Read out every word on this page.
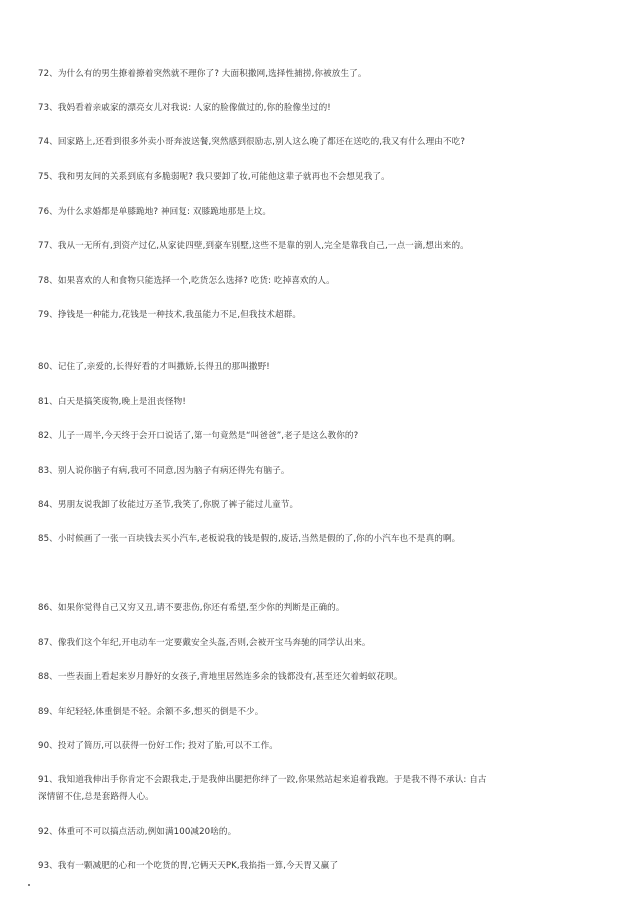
72、为什么有的男生撩着撩着突然就不理你了? 大面积撒网,选择性捕捞,你被放生了。
73、我妈看着亲戚家的漂亮女儿对我说: 人家的脸像做过的,你的脸像坐过的!
74、回家路上,还看到很多外卖小哥奔波送餐,突然感到很励志,别人这么晚了都还在送吃的,我又有什么理由不吃?
75、我和男友间的关系到底有多脆弱呢? 我只要卸了妆,可能他这辈子就再也不会想见我了。
76、为什么求婚都是单膝跪地? 神回复: 双膝跪地那是上坟。
77、我从一无所有,到资产过亿,从家徒四壁,到豪车别墅,这些不是靠的别人,完全是靠我自己,一点一滴,想出来的。
78、如果喜欢的人和食物只能选择一个,吃货怎么选择? 吃货: 吃掉喜欢的人。
79、挣钱是一种能力,花钱是一种技术,我虽能力不足,但我技术超群。
80、记住了,亲爱的,长得好看的才叫撒娇,长得丑的那叫撒野!
81、白天是搞笑废物,晚上是沮丧怪物!
82、儿子一周半,今天终于会开口说话了,第一句竟然是“叫爸爸”,老子是这么教你的?
83、别人说你脑子有病,我可不同意,因为脑子有病还得先有脑子。
84、男朋友说我卸了妆能过万圣节,我笑了,你脱了裤子能过儿童节。
85、小时候画了一张一百块钱去买小汽车,老板说我的钱是假的,废话,当然是假的了,你的小汽车也不是真的啊。
86、如果你觉得自己又穷又丑,请不要悲伤,你还有希望,至少你的判断是正确的。
87、像我们这个年纪,开电动车一定要戴安全头盔,否则,会被开宝马奔驰的同学认出来。
88、一些表面上看起来岁月静好的女孩子,背地里居然连多余的钱都没有,甚至还欠着蚂蚁花呗。
89、年纪轻轻,体重倒是不轻。余额不多,想买的倒是不少。
90、投对了简历,可以获得一份好工作; 投对了胎,可以不工作。
91、我知道我伸出手你肯定不会跟我走,于是我伸出腿把你绊了一跤,你果然站起来追着我跑。于是我不得不承认: 自古深情留不住,总是套路得人心。
92、体重可不可以搞点活动,例如满100减20啥的。
93、我有一颗减肥的心和一个吃货的胃,它俩天天PK,我掐指一算,今天胃又赢了
